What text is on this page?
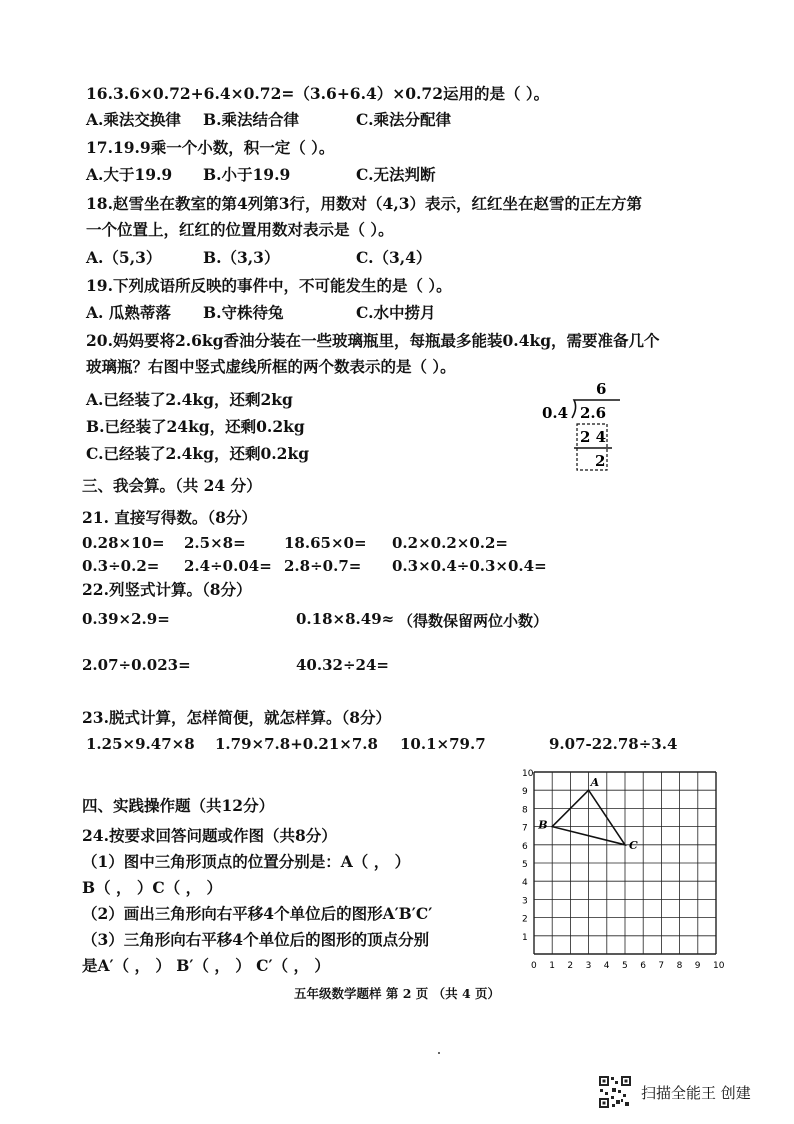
16.3.6×0.72+6.4×0.72=（3.6+6.4）×0.72运用的是（ ）。
A.乘法交换律 B.乘法结合律	C.乘法分配律
17.19.9乘一个小数，积一定（ ）。
A.大于19.9 B.小于19.9	C.无法判断
18.赵雪坐在教室的第4列第3行，用数对（4,3）表示，红红坐在赵雪的正左方第
一个位置上，红红的位置用数对表示是（ ）。
A.（5,3）	B.（3,3）	C.（3,4）
19.下列成语所反映的事件中，不可能发生的是（ ）。
A. 瓜熟蒂落 B.守株待兔	C.水中捞月
20.妈妈要将2.6kg香油分装在一些玻璃瓶里，每瓶最多能装0.4kg，需要准备几个
玻璃瓶？右图中竖式虚线所框的两个数表示的是（ ）。
A.已经装了2.4kg，还剩2kg
B.已经装了24kg，还剩0.2kg
C.已经装了2.4kg，还剩0.2kg
6
0.4 2.6
2 4
2
三、我会算。（共 24 分）
21. 直接写得数。（8分）
0.28×10= 2.5×8=	18.65×0= 0.2×0.2×0.2=
0.3÷0.2= 2.4÷0.04= 2.8÷0.7= 0.3×0.4÷0.3×0.4=
22.列竖式计算。（8分）
0.39×2.9=	0.18×8.49≈ （得数保留两位小数）
2.07÷0.023=	40.32÷24=
23.脱式计算，怎样简便，就怎样算。（8分）
1.25×9.47×8 1.79×7.8+0.21×7.8 10.1×79.7	9.07-22.78÷3.4
四、实践操作题（共12分）
24.按要求回答问题或作图（共8分）
（1）图中三角形顶点的位置分别是：A（ ， ）
B（ ， ）C（ ， ）
（2）画出三角形向右平移4个单位后的图形A′B′C′
（3）三角形向右平移4个单位后的图形的顶点分别
是A′（ ， ） B′（ ， ） C′（ ， ）	0 1 2 3 4 5 6 7 8 9 10
1
2
3
4
5
6
7
8
9
10
A
B
C
五年级数学题样 第 2 页 （共 4 页）
扫描全能王 创建
